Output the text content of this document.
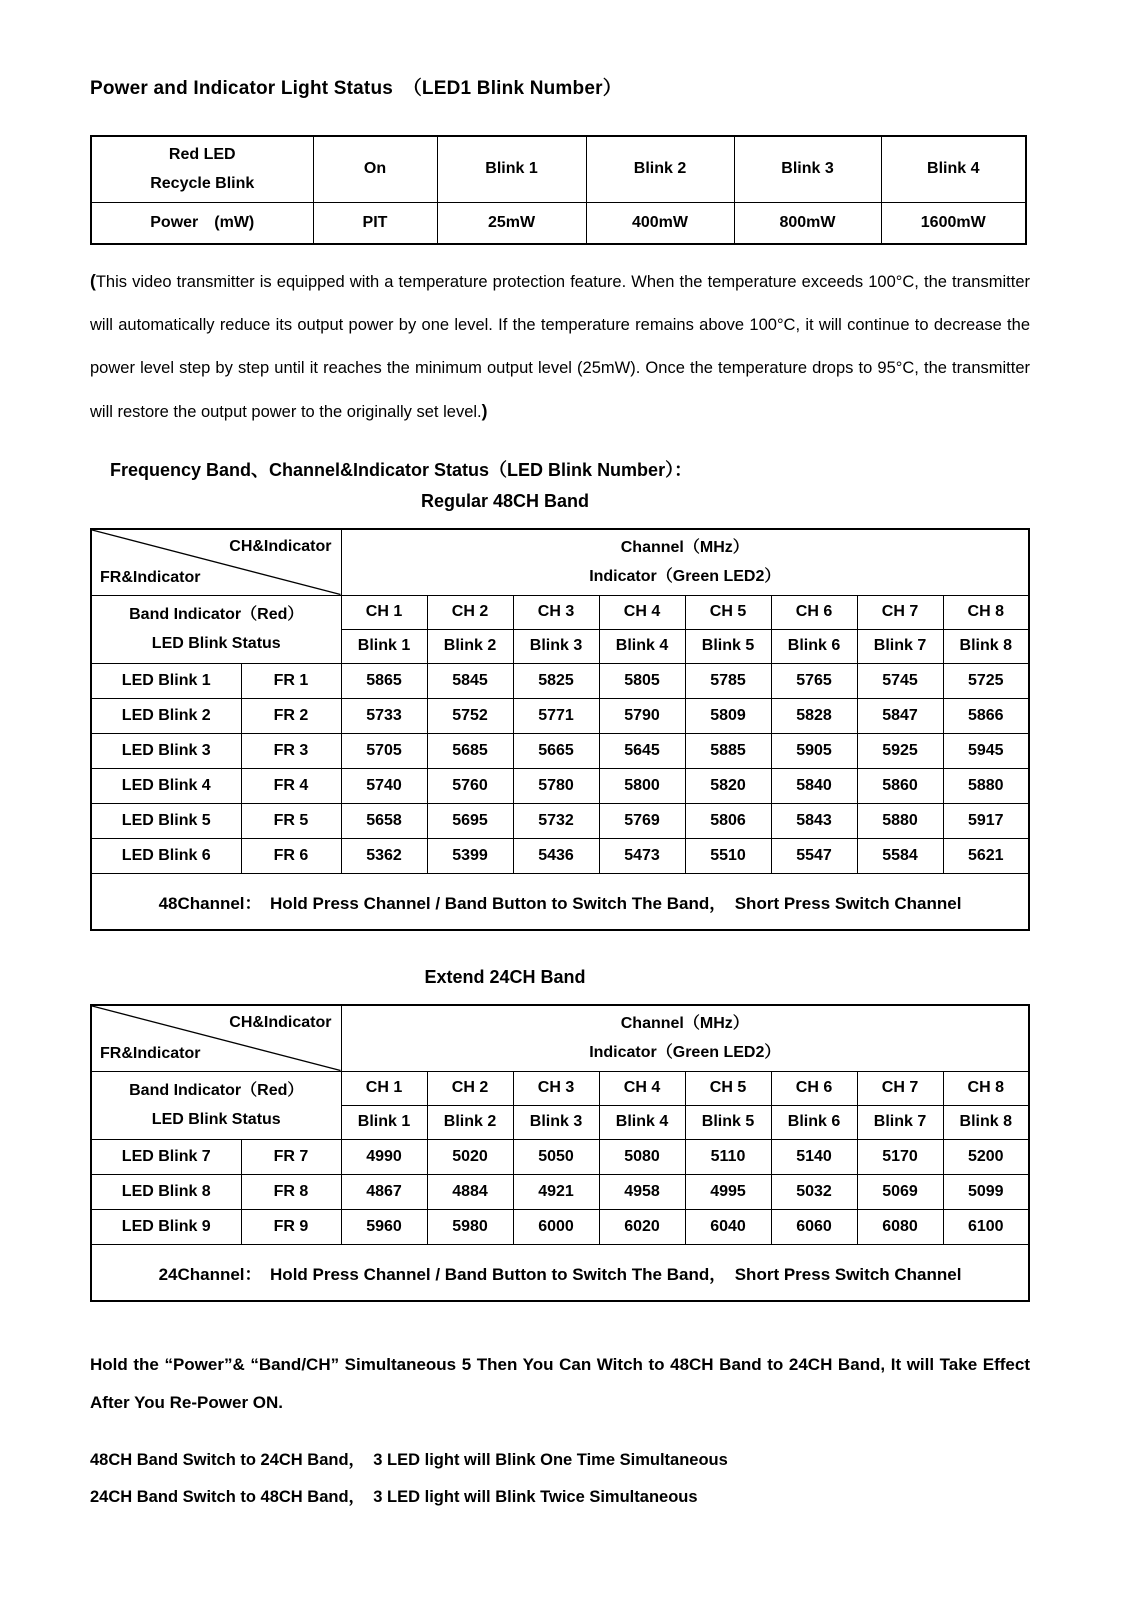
Power and Indicator Light Status （LED1 Blink Number）
Red LED
Recycle Blink	On	Blink 1	Blink 2	Blink 3	Blink 4
Power (mW)	PIT	25mW	400mW	800mW	1600mW

(This video transmitter is equipped with a temperature protection feature. When the temperature exceeds 100°C, the transmitter will automatically reduce its output power by one level. If the temperature remains above 100°C, it will continue to decrease the power level step by step until it reaches the minimum output level (25mW). Once the temperature drops to 95°C, the transmitter will restore the output power to the originally set level.)

Frequency Band、Channel&Indicator Status（LED Blink Number）：
Regular 48CH Band
CH&Indicator
FR&Indicator

Channel（MHz）
Indicator（Green LED2）

Band Indicator（Red）
LED Blink Status		CH 1	CH 2	CH 3	CH 4	CH 5	CH 6	CH 7	CH 8
		Blink 1	Blink 2	Blink 3	Blink 4	Blink 5	Blink 6	Blink 7	Blink 8
LED Blink 1	FR 1	5865	5845	5825	5805	5785	5765	5745	5725
LED Blink 2	FR 2	5733	5752	5771	5790	5809	5828	5847	5866
LED Blink 3	FR 3	5705	5685	5665	5645	5885	5905	5925	5945
LED Blink 4	FR 4	5740	5760	5780	5800	5820	5840	5860	5880
LED Blink 5	FR 5	5658	5695	5732	5769	5806	5843	5880	5917
LED Blink 6	FR 6	5362	5399	5436	5473	5510	5547	5584	5621
48Channel： Hold Press Channel / Band Button to Switch The Band， Short Press Switch Channel									
Extend 24CH Band
CH&Indicator
FR&Indicator

Channel（MHz）
Indicator（Green LED2）

Band Indicator（Red）
LED Blink Status		CH 1	CH 2	CH 3	CH 4	CH 5	CH 6	CH 7	CH 8
		Blink 1	Blink 2	Blink 3	Blink 4	Blink 5	Blink 6	Blink 7	Blink 8
LED Blink 7	FR 7	4990	5020	5050	5080	5110	5140	5170	5200
LED Blink 8	FR 8	4867	4884	4921	4958	4995	5032	5069	5099
LED Blink 9	FR 9	5960	5980	6000	6020	6040	6060	6080	6100
24Channel： Hold Press Channel / Band Button to Switch The Band， Short Press Switch Channel									

Hold the “Power”& “Band/CH” Simultaneous 5 Then You Can Witch to 48CH Band to 24CH Band, It will Take Effect After You Re-Power ON.

48CH Band Switch to 24CH Band， 3 LED light will Blink One Time Simultaneous
24CH Band Switch to 48CH Band， 3 LED light will Blink Twice Simultaneous
